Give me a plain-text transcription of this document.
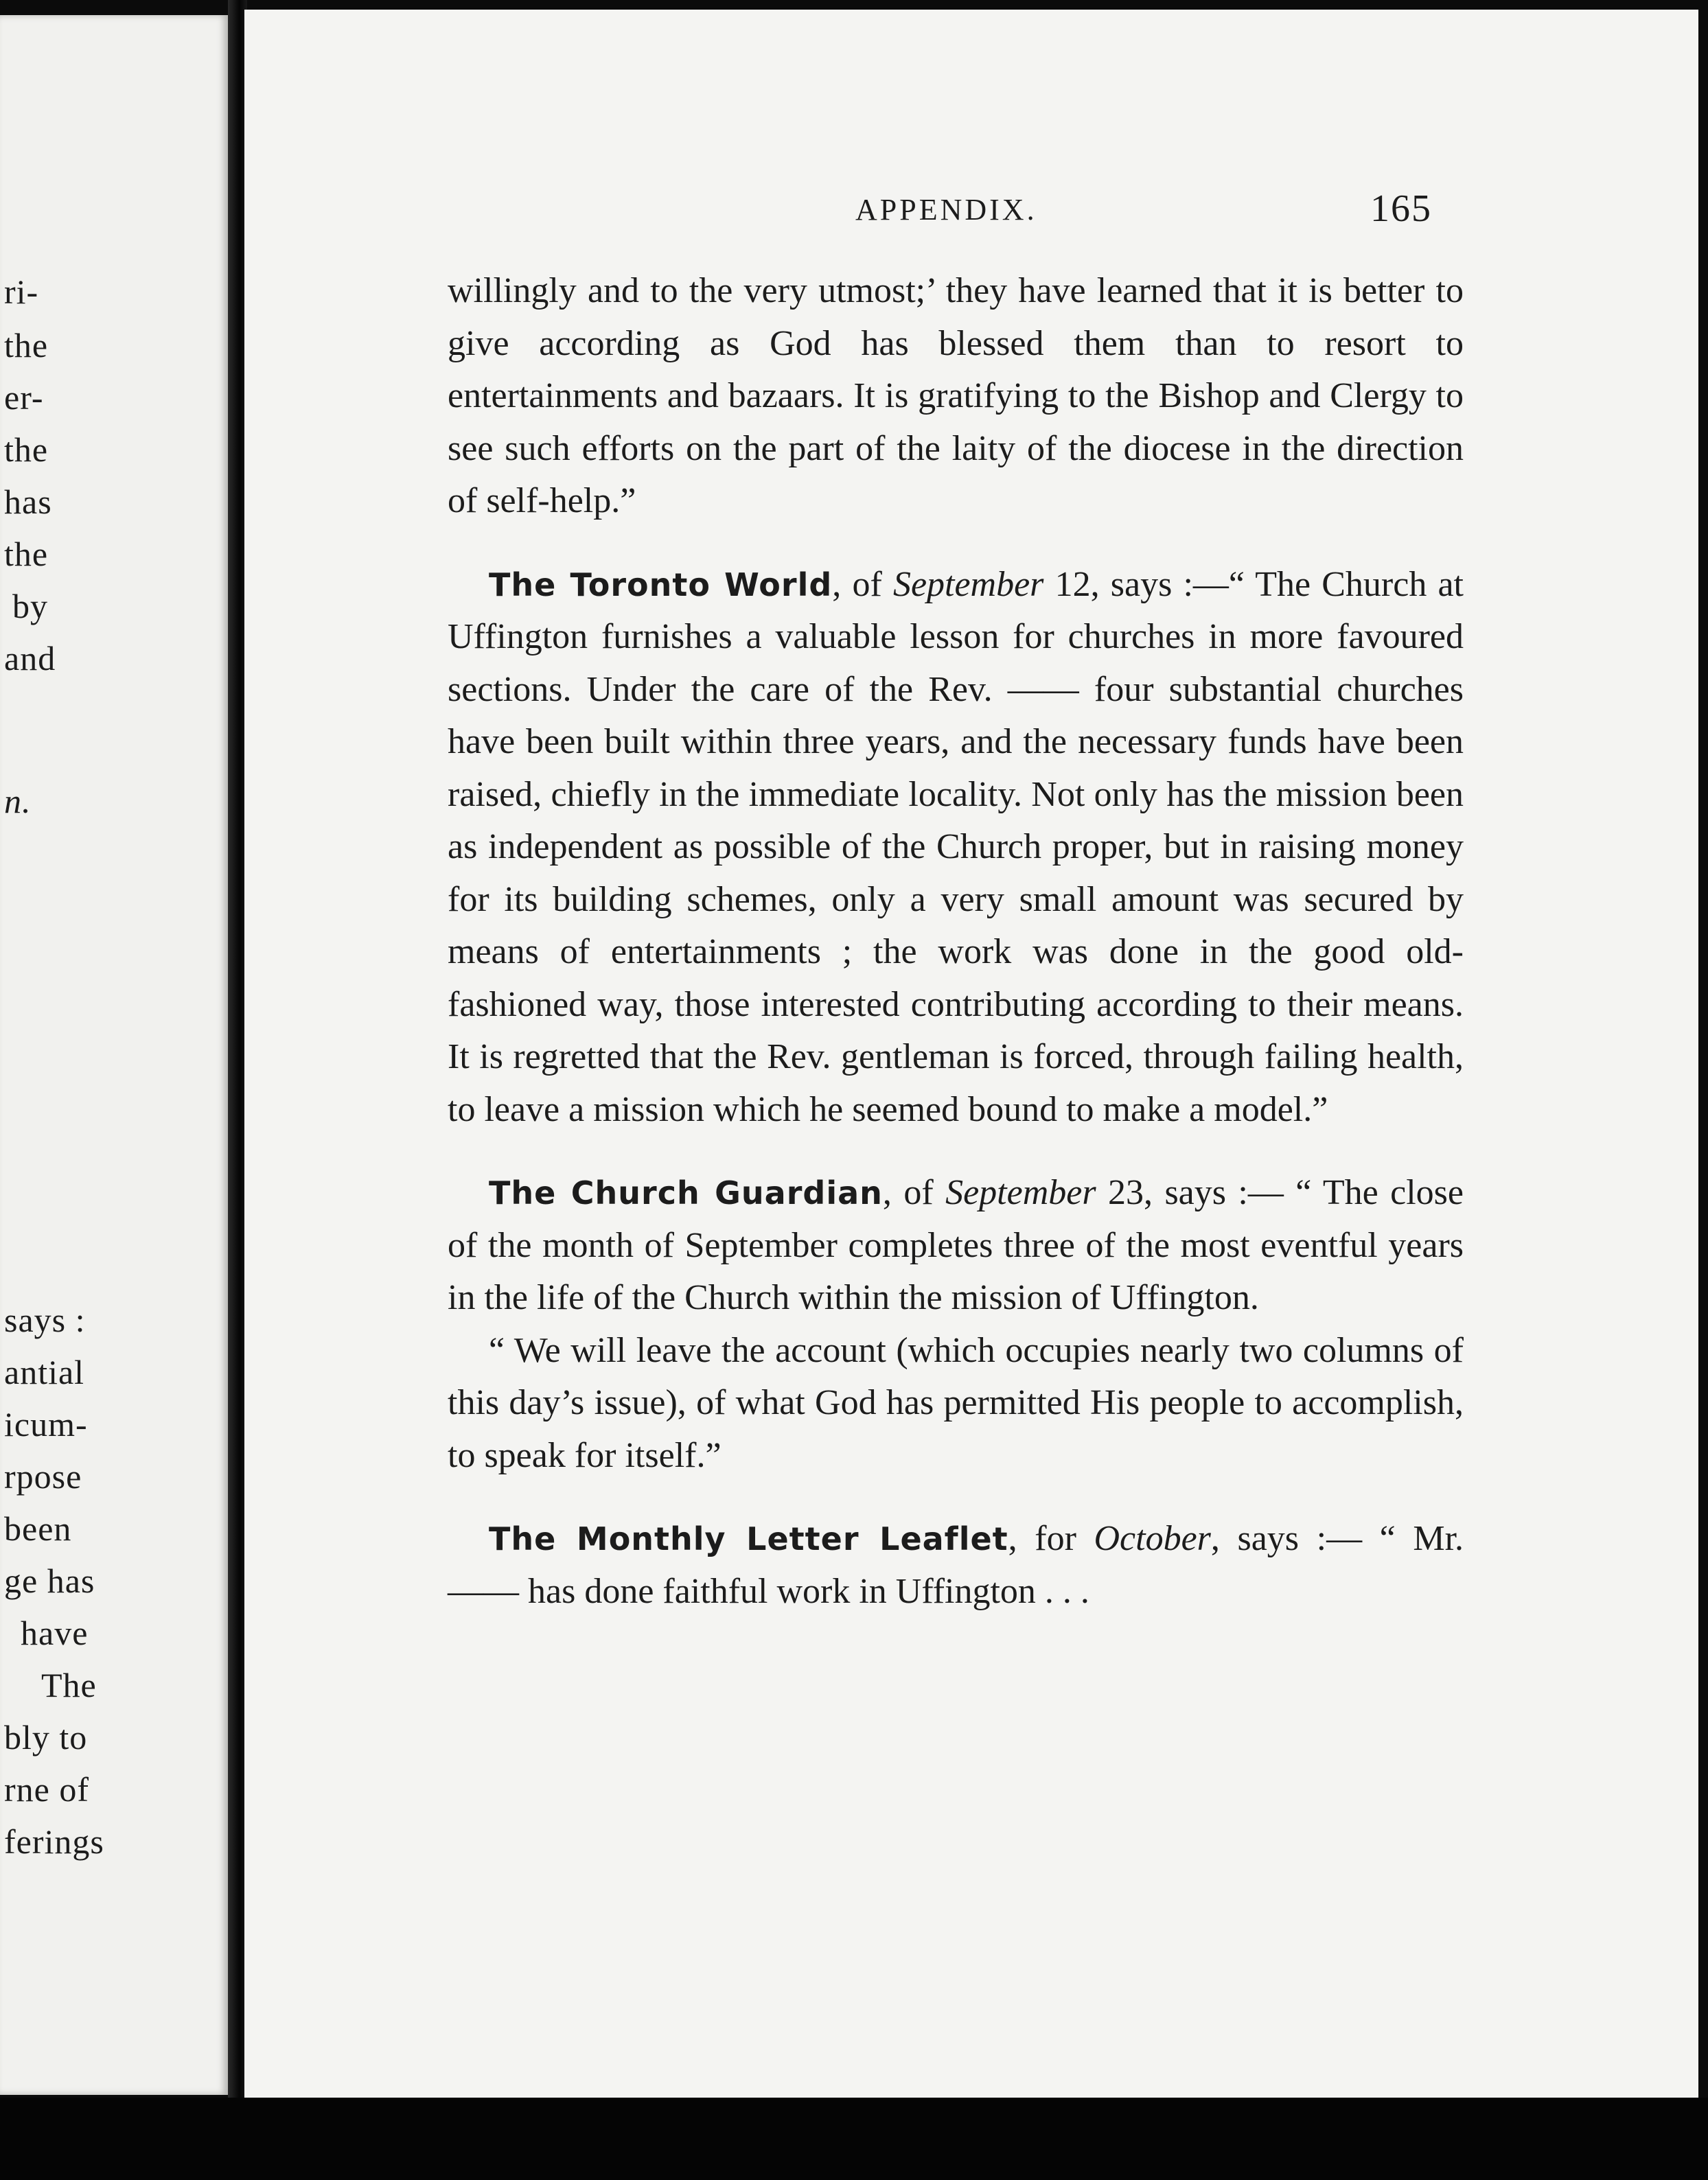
ri-
the
er-
the
has
the
by
and
n.
says :
antial
icum-
rpose
been
ge has
have
The
bly to
rne of
ferings
APPENDIX.	165

willingly and to the very utmost;’ they have learned that it is better to give according as God has blessed them than to resort to entertainments and bazaars. It is gratifying to the Bishop and Clergy to see such efforts on the part of the laity of the diocese in the direction of self-help.”

The Toronto World, of September 12, says :—“ The Church at Uffington furnishes a valuable lesson for churches in more favoured sections. Under the care of the Rev. —— four substantial churches have been built within three years, and the necessary funds have been raised, chiefly in the immediate locality. Not only has the mission been as independent as possible of the Church proper, but in raising money for its building schemes, only a very small amount was secured by means of entertainments ; the work was done in the good old-fashioned way, those interested contributing according to their means. It is regretted that the Rev. gentleman is forced, through failing health, to leave a mission which he seemed bound to make a model.”

The Church Guardian, of September 23, says :— “ The close of the month of September completes three of the most eventful years in the life of the Church within the mission of Uffington.

“ We will leave the account (which occupies nearly two columns of this day’s issue), of what God has permitted His people to accomplish, to speak for itself.”

The Monthly Letter Leaflet, for October, says :— “ Mr. —— has done faithful work in Uffington . . .
